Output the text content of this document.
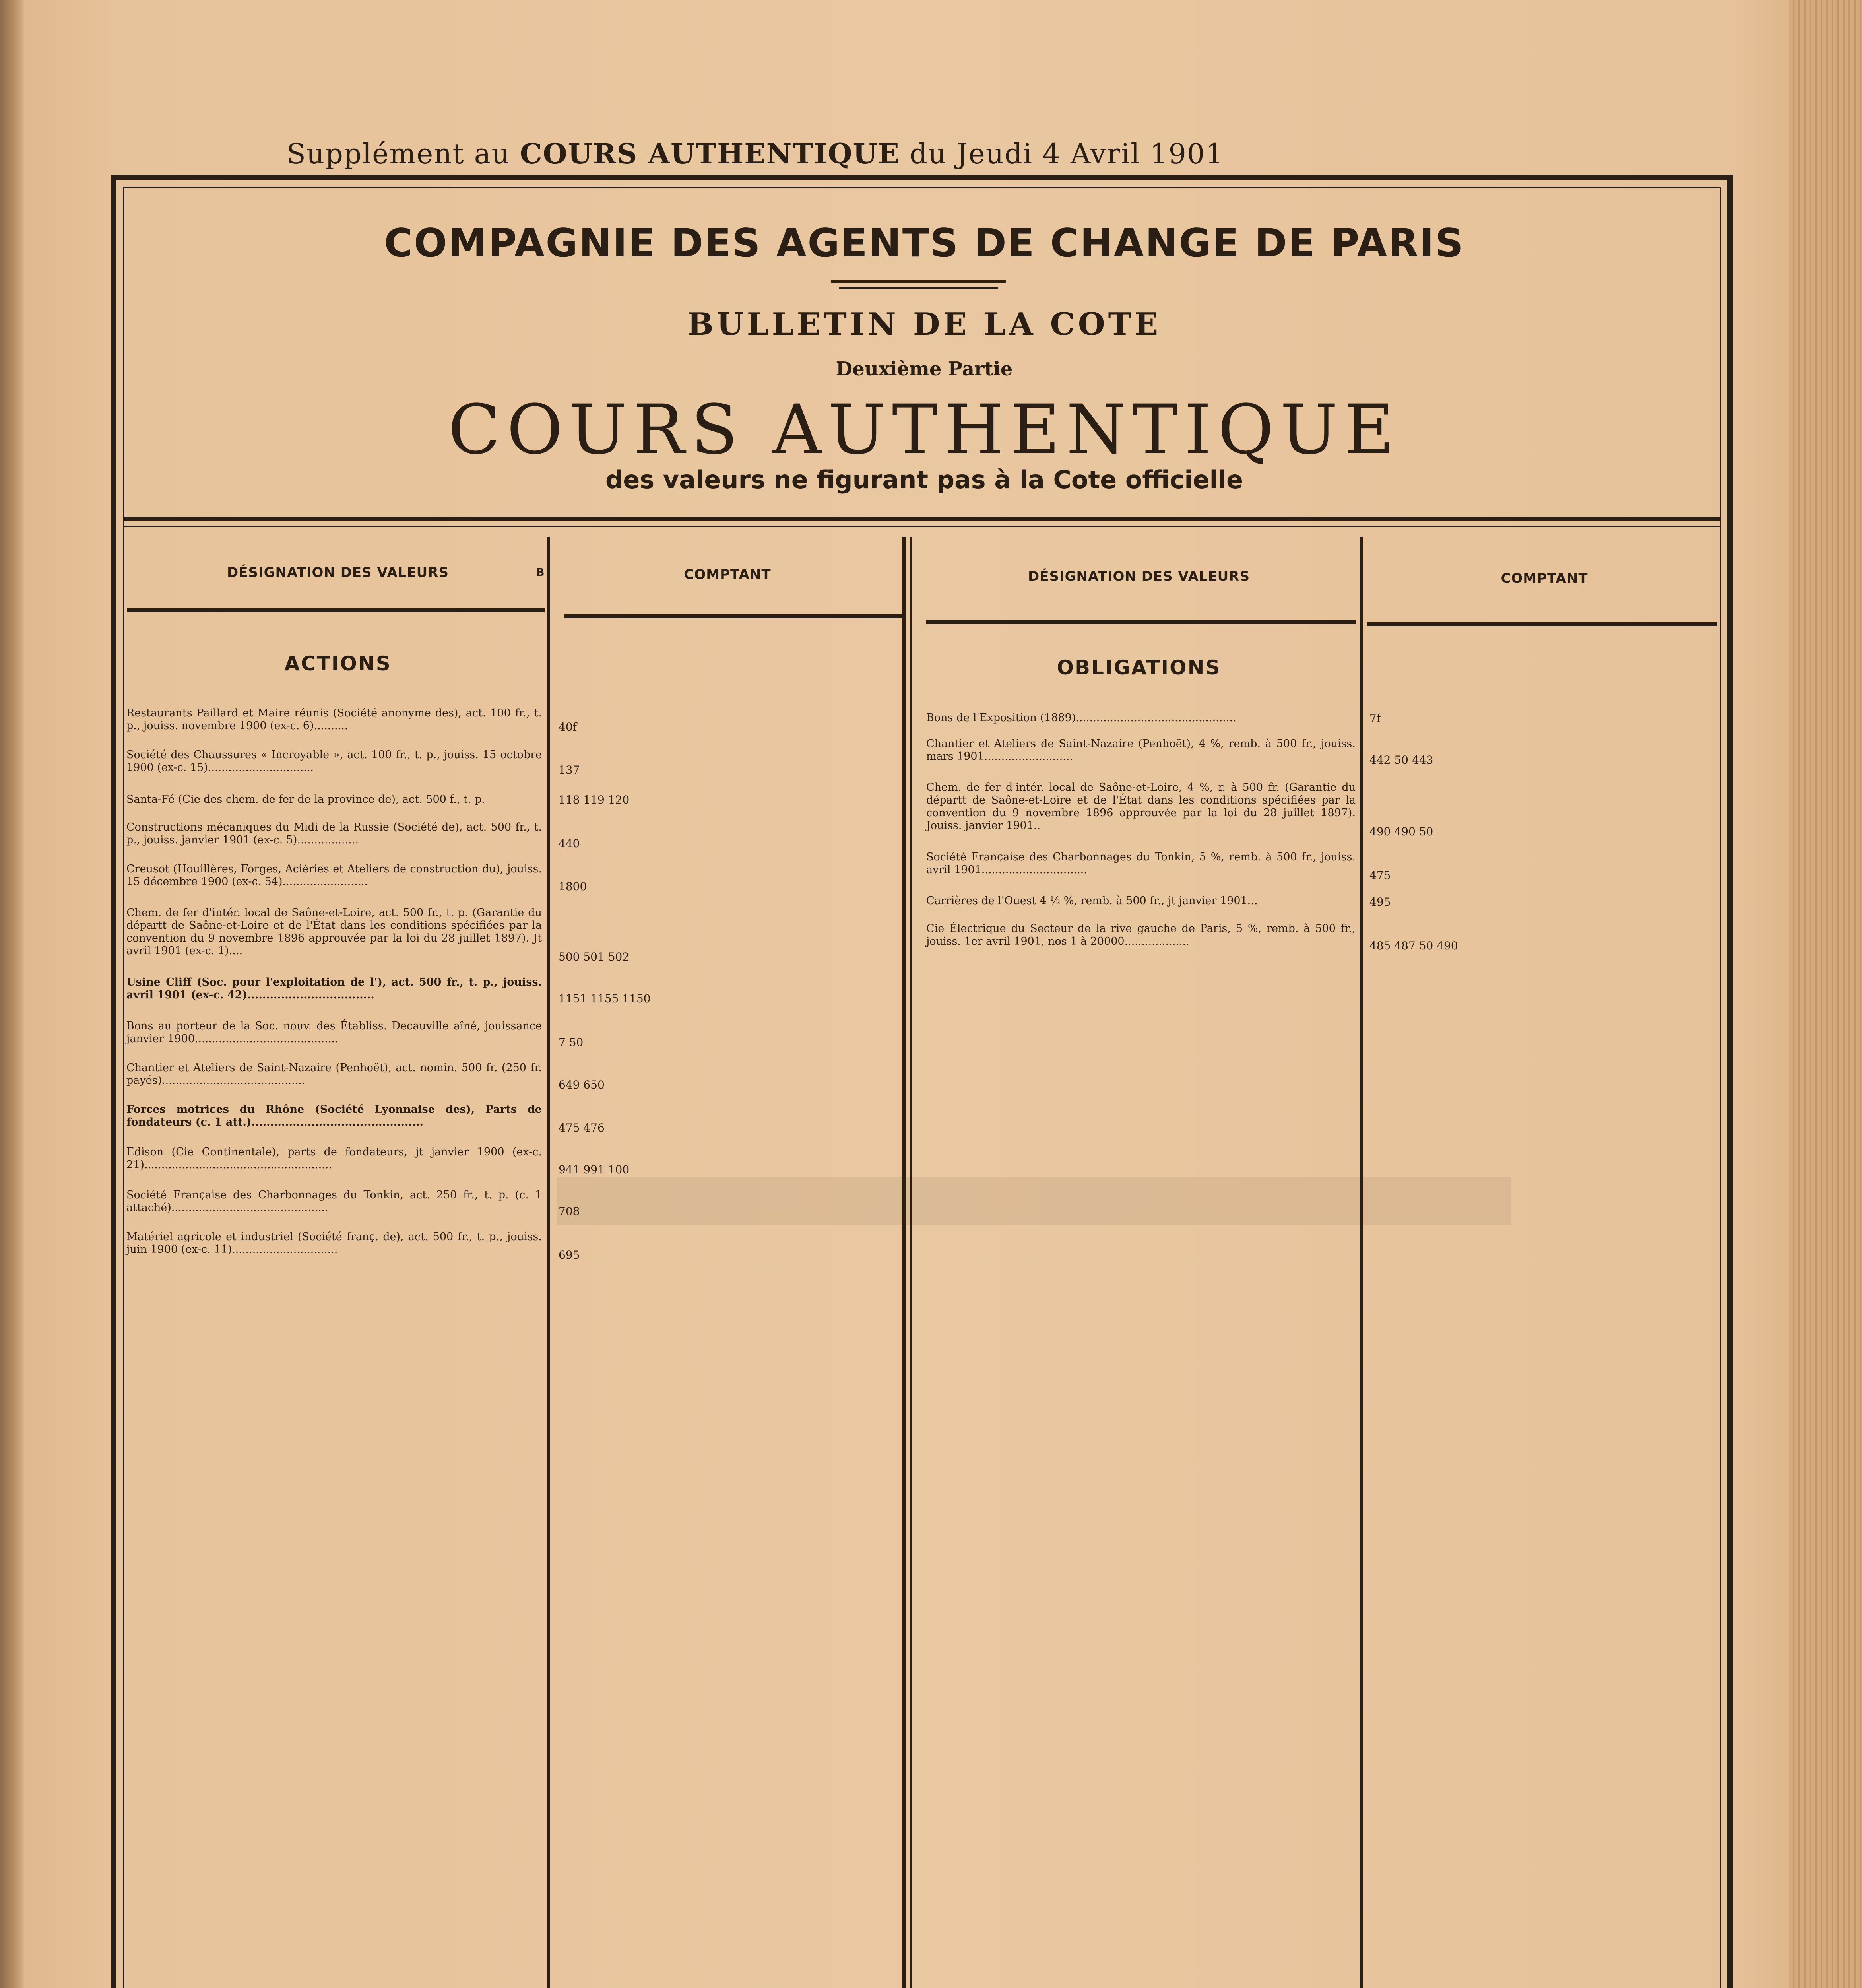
Supplément au COURS AUTHENTIQUE du Jeudi 4 Avril 1901
COMPAGNIE DES AGENTS DE CHANGE DE PARIS
BULLETIN DE LA COTE
Deuxième Partie
COURS AUTHENTIQUE
des valeurs ne figurant pas à la Cote officielle
DÉSIGNATION DES VALEURS	B	COMPTANT	DÉSIGNATION DES VALEURS	COMPTANT
ACTIONS	OBLIGATIONS
Restaurants Paillard et Maire réunis (Société anonyme des), act. 100 fr., t. p., jouiss. novembre 1900 (ex-c. 6)..........	40f
Société des Chaussures « Incroyable », act. 100 fr., t. p., jouiss. 15 octobre 1900 (ex-c. 15)...............................	137
Santa-Fé (Cie des chem. de fer de la province de), act. 500 f., t. p.	118 119 120
Constructions mécaniques du Midi de la Russie (Société de), act. 500 fr., t. p., jouiss. janvier 1901 (ex-c. 5)..................	440
Creusot (Houillères, Forges, Aciéries et Ateliers de construction du), jouiss. 15 décembre 1900 (ex-c. 54).........................	1800
Chem. de fer d'intér. local de Saône-et-Loire, act. 500 fr., t. p. (Garantie du départt de Saône-et-Loire et de l'État dans les conditions spécifiées par la convention du 9 novembre 1896 approuvée par la loi du 28 juillet 1897). Jt avril 1901 (ex-c. 1)....	500 501 502
Usine Cliff (Soc. pour l'exploitation de l'), act. 500 fr., t. p., jouiss. avril 1901 (ex-c. 42)..................................	1151 1155 1150
Bons au porteur de la Soc. nouv. des Établiss. Decauville aîné, jouissance janvier 1900..........................................	7 50
Chantier et Ateliers de Saint-Nazaire (Penhoët), act. nomin. 500 fr. (250 fr. payés)..........................................	649 650
Forces motrices du Rhône (Société Lyonnaise des), Parts de fondateurs (c. 1 att.)..............................................	475 476
Edison (Cie Continentale), parts de fondateurs, jt janvier 1900 (ex-c. 21).......................................................	941 991 100
Société Française des Charbonnages du Tonkin, act. 250 fr., t. p. (c. 1 attaché)..............................................	708
Matériel agricole et industriel (Société franç. de), act. 500 fr., t. p., jouiss. juin 1900 (ex-c. 11)...............................	695
Bons de l'Exposition (1889)...............................................	7f
Chantier et Ateliers de Saint-Nazaire (Penhoët), 4 %, remb. à 500 fr., jouiss. mars 1901..........................	442 50 443
Chem. de fer d'intér. local de Saône-et-Loire, 4 %, r. à 500 fr. (Garantie du départt de Saône-et-Loire et de l'État dans les conditions spécifiées par la convention du 9 novembre 1896 approuvée par la loi du 28 juillet 1897). Jouiss. janvier 1901..	490 490 50
Société Française des Charbonnages du Tonkin, 5 %, remb. à 500 fr., jouiss. avril 1901...............................	475
Carrières de l'Ouest 4 ½ %, remb. à 500 fr., jt janvier 1901...	495
Cie Électrique du Secteur de la rive gauche de Paris, 5 %, remb. à 500 fr., jouiss. 1er avril 1901, nos 1 à 20000...................	485 487 50 490
